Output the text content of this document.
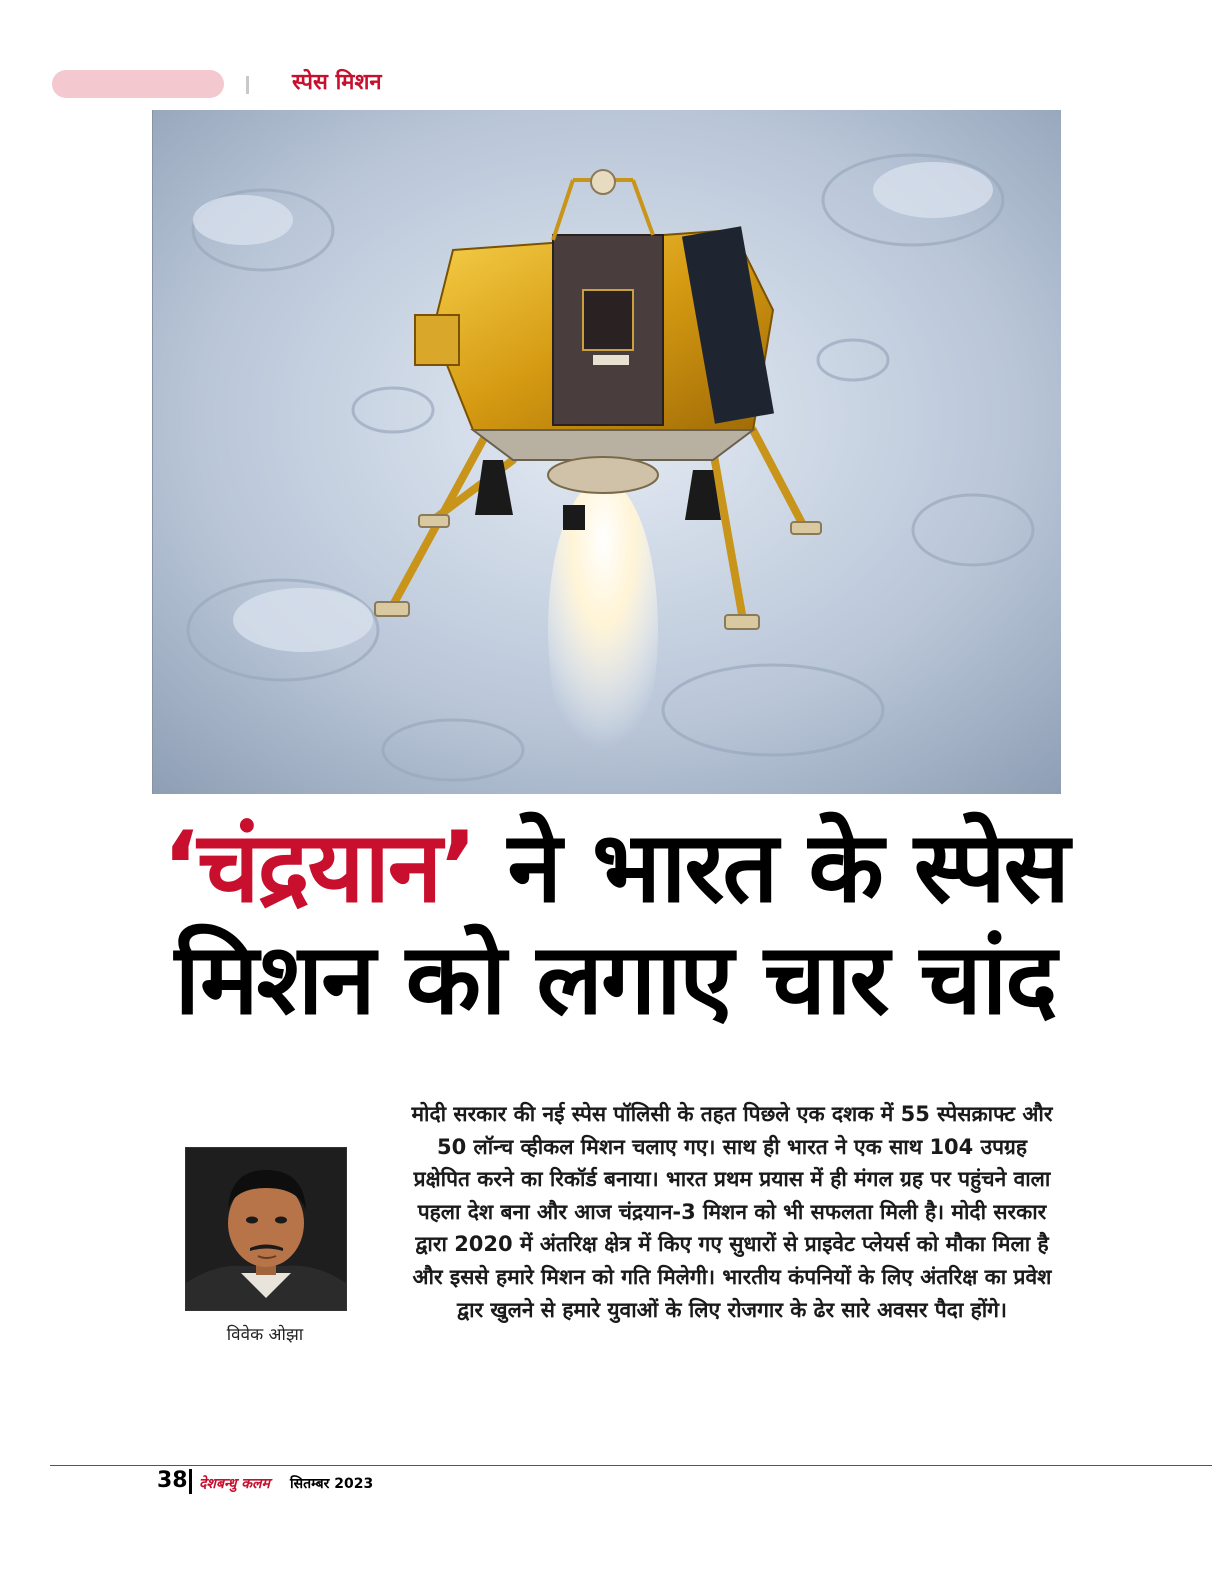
स्पेस मिशन
‘चंद्रयान’ ने भारत के स्पेस
मिशन को लगाए चार चांद
विवेक ओझा
मोदी सरकार की नई स्पेस पॉलिसी के तहत पिछले एक दशक में 55 स्पेसक्राफ्ट और 50 लॉन्च व्हीकल मिशन चलाए गए। साथ ही भारत ने एक साथ 104 उपग्रह प्रक्षेपित करने का रिकॉर्ड बनाया। भारत प्रथम प्रयास में ही मंगल ग्रह पर पहुंचने वाला पहला देश बना और आज चंद्रयान-3 मिशन को भी सफलता मिली है। मोदी सरकार द्वारा 2020 में अंतरिक्ष क्षेत्र में किए गए सुधारों से प्राइवेट प्लेयर्स को मौका मिला है और इससे हमारे मिशन को गति मिलेगी। भारतीय कंपनियों के लिए अंतरिक्ष का प्रवेश द्वार खुलने से हमारे युवाओं के लिए रोजगार के ढेर सारे अवसर पैदा होंगे।
38 देशबन्धु कलम सितम्बर 2023
